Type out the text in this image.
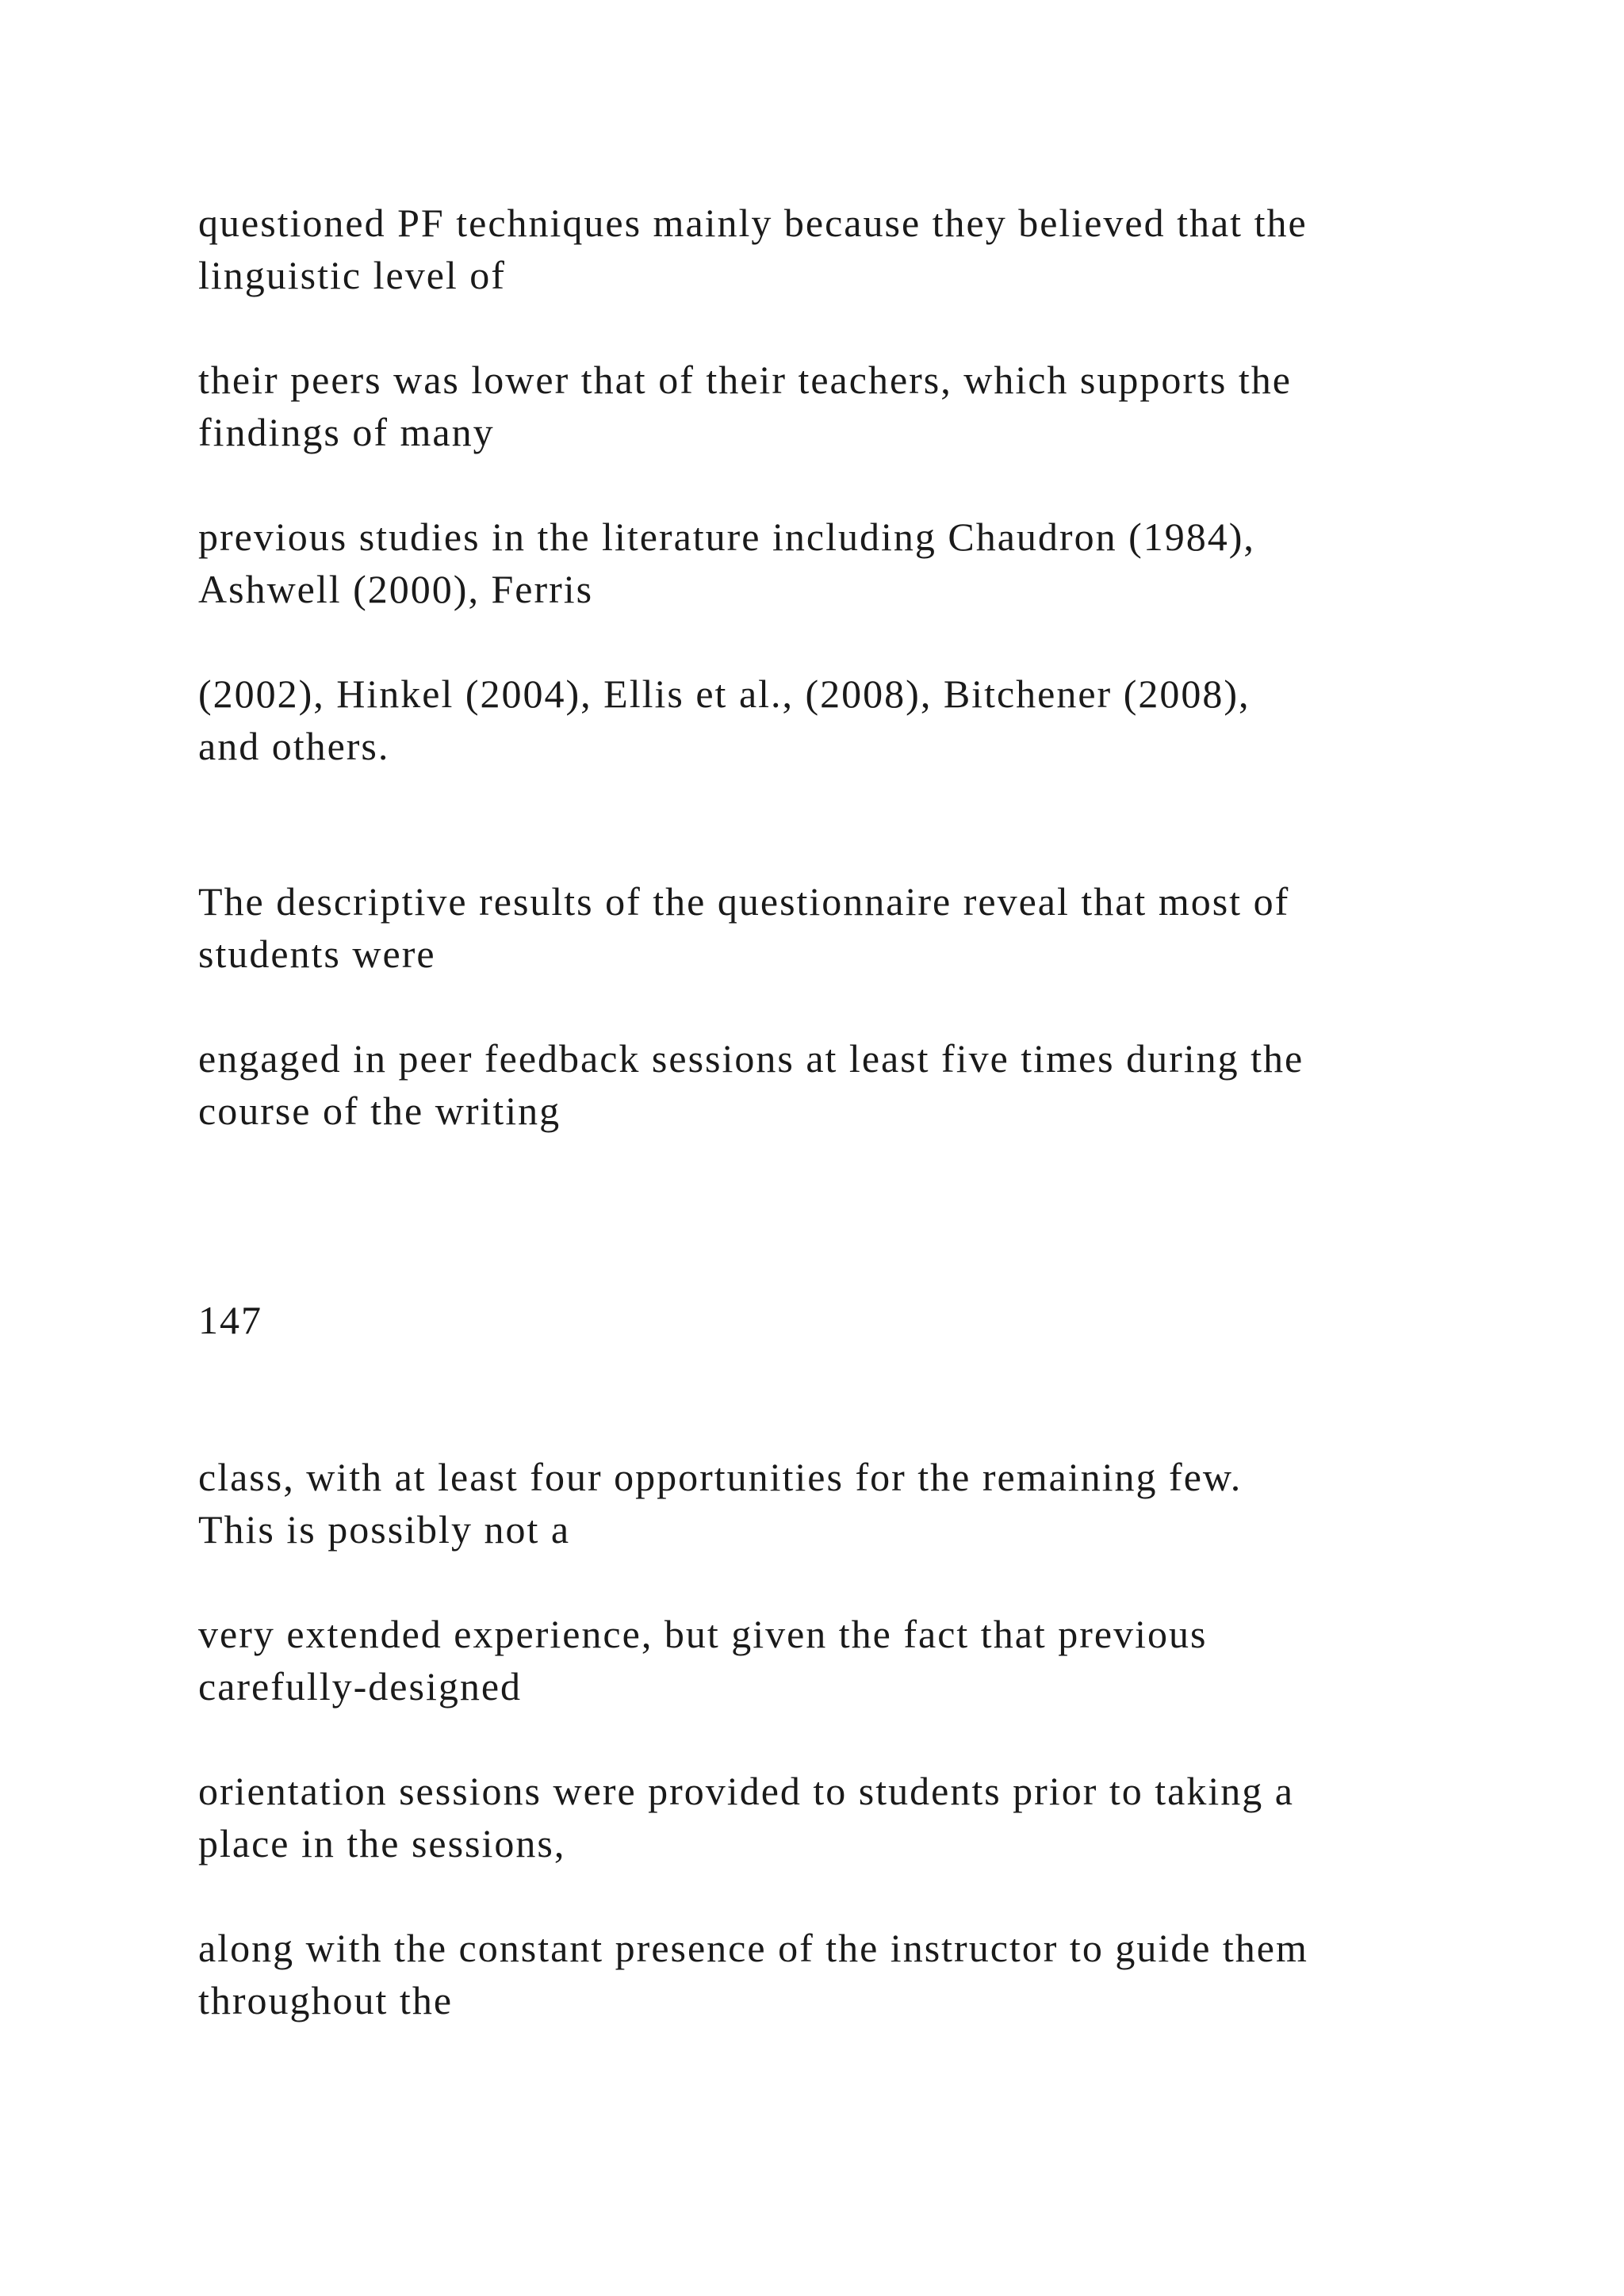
questioned PF techniques mainly because they believed that the
linguistic level of

their peers was lower that of their teachers, which supports the
findings of many

previous studies in the literature including Chaudron (1984),
Ashwell (2000), Ferris

(2002), Hinkel (2004), Ellis et al., (2008), Bitchener (2008),
and others.

The descriptive results of the questionnaire reveal that most of
students were

engaged in peer feedback sessions at least five times during the
course of the writing

147

class, with at least four opportunities for the remaining few.
This is possibly not a

very extended experience, but given the fact that previous
carefully-designed

orientation sessions were provided to students prior to taking a
place in the sessions,

along with the constant presence of the instructor to guide them
throughout the
